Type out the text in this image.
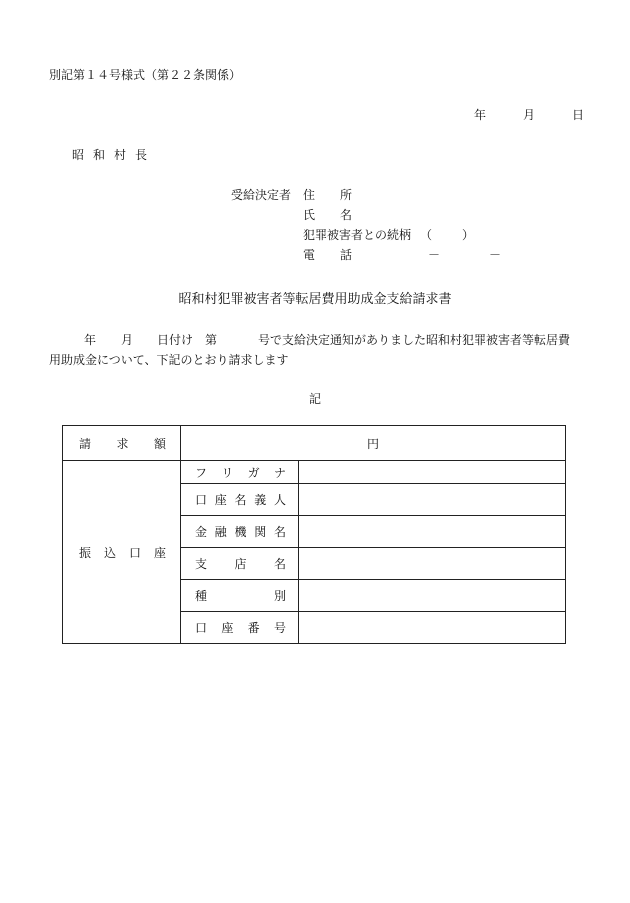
別記第１４号様式（第２２条関係）
年	月	日
昭和村長
受給決定者 住 所
氏 名
犯罪被害者との続柄 （ ）
電 話	－	－
昭和村犯罪被害者等転居費用助成金支給請求書
年 月 日付け 第	号で支給決定通知がありました昭和村犯罪被害者等転居費
用助成金について、下記のとおり請求します
記
請 求 額	円	

振 込 口 座	フ リ ガ ナ	

	口 座 名 義 人	

	金 融 機 関 名	

	支 店 名	

	種 別	

	口 座 番 号	
